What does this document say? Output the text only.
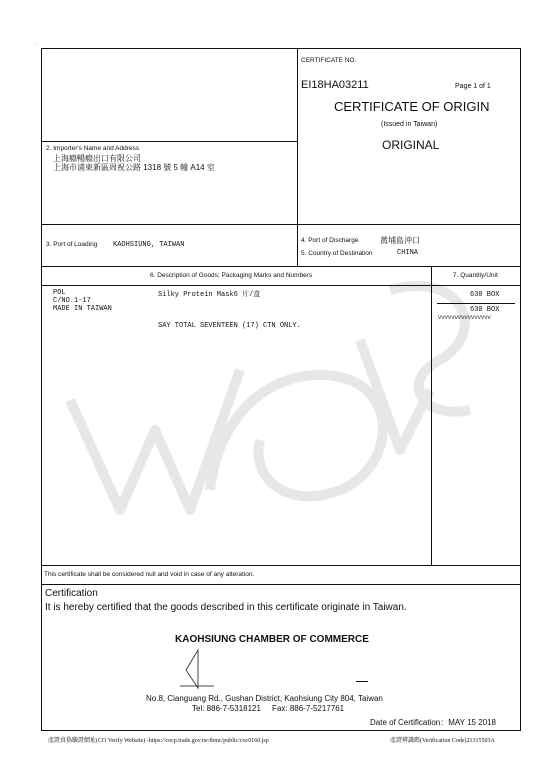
·
CERTIFICATE NO.
EI18HA03211	Page 1 of 1
CERTIFICATE OF ORIGIN
(Issued in Taiwan)
ORIGINAL
2. Importer's Name and Address
上海瘾暢瘾出口有限公司
上海市浦東新區周祝公路 1318 號 5 幢 A14 室
3. Port of Loading KAOHSIUNG, TAIWAN
4. Port of Discharge	黃埔島沖口
5. Country of Destination	CHINA
6. Description of Goods; Packaging Marks and Numbers	7. Quantity/Unit
POL
C/NO.1-17
MADE IN TAIWAN
Silky Protein Mask6 片/盒
SAY TOTAL SEVENTEEN (17) CTN ONLY.
630 BOX
630 BOX
VVVVVVVVVVVVVVVV
This certificate shall be considered null and void in case of any alteration.
Certification
It is hereby certified that the goods described in this certificate originate in Taiwan.
KAOHSIUNG CHAMBER OF COMMERCE
No.8, Cianguang Rd., Gushan District, Kaohsiung City 804, Taiwan
Tel: 886-7-5318121     Fax: 886-7-5217761
Date of Certification：MAY 15 2018
產證真偽驗證網址(CO Verify Website) -https://cocp.trade.gov.tw/tbmc/public/coc0160.jsp	產證辨識碼(Verification Code)21315503A
